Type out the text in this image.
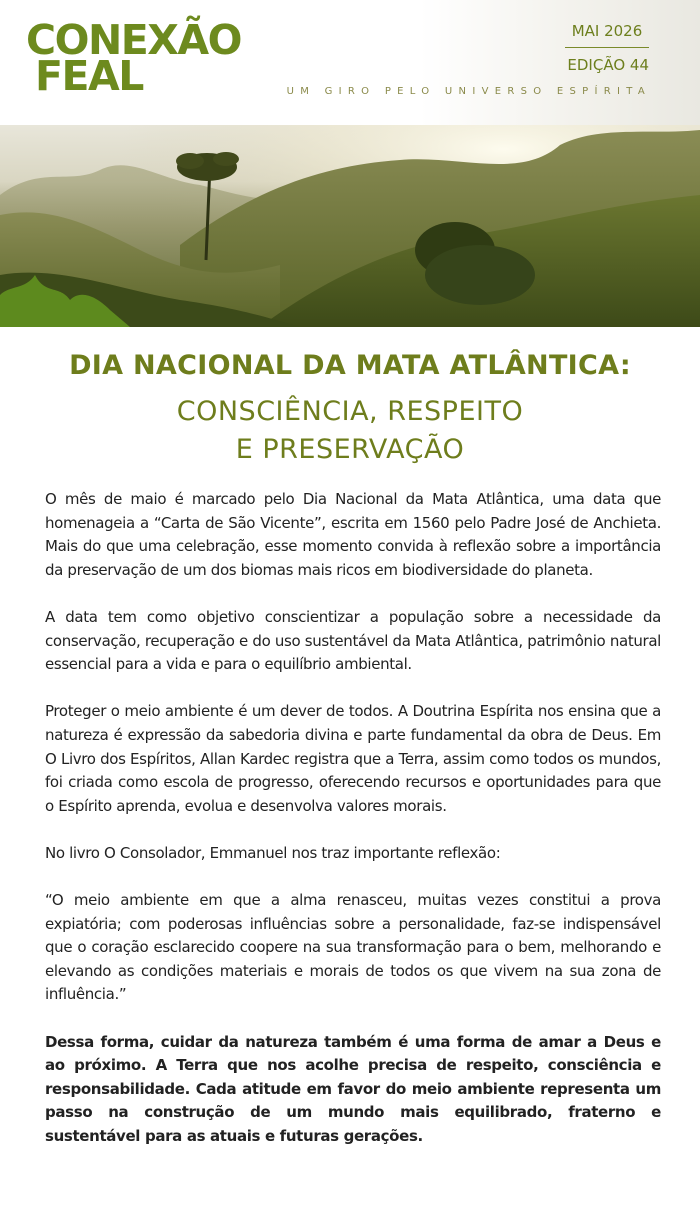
CONEXÃO
FEAL
MAI 2026
EDIÇÃO 44
UM GIRO PELO UNIVERSO ESPÍRITA
DIA NACIONAL DA MATA ATLÂNTICA:
CONSCIÊNCIA, RESPEITO
E PRESERVAÇÃO

O mês de maio é marcado pelo Dia Nacional da Mata Atlântica, uma data que homenageia a “Carta de São Vicente”, escrita em 1560 pelo Padre José de Anchieta. Mais do que uma celebração, esse momento convida à reflexão sobre a importância da preservação de um dos biomas mais ricos em biodiversidade do planeta.

A data tem como objetivo conscientizar a população sobre a necessidade da conservação, recuperação e do uso sustentável da Mata Atlântica, patrimônio natural essencial para a vida e para o equilíbrio ambiental.

Proteger o meio ambiente é um dever de todos. A Doutrina Espírita nos ensina que a natureza é expressão da sabedoria divina e parte fundamental da obra de Deus. Em O Livro dos Espíritos, Allan Kardec registra que a Terra, assim como todos os mundos, foi criada como escola de progresso, oferecendo recursos e oportunidades para que o Espírito aprenda, evolua e desenvolva valores morais.

No livro O Consolador, Emmanuel nos traz importante reflexão:

“O meio ambiente em que a alma renasceu, muitas vezes constitui a prova expiatória; com poderosas influências sobre a personalidade, faz-se indispensável que o coração esclarecido coopere na sua transformação para o bem, melhorando e elevando as condições materiais e morais de todos os que vivem na sua zona de influência.”

Dessa forma, cuidar da natureza também é uma forma de amar a Deus e ao próximo. A Terra que nos acolhe precisa de respeito, consciência e responsabilidade. Cada atitude em favor do meio ambiente representa um passo na construção de um mundo mais equilibrado, fraterno e sustentável para as atuais e futuras gerações.
